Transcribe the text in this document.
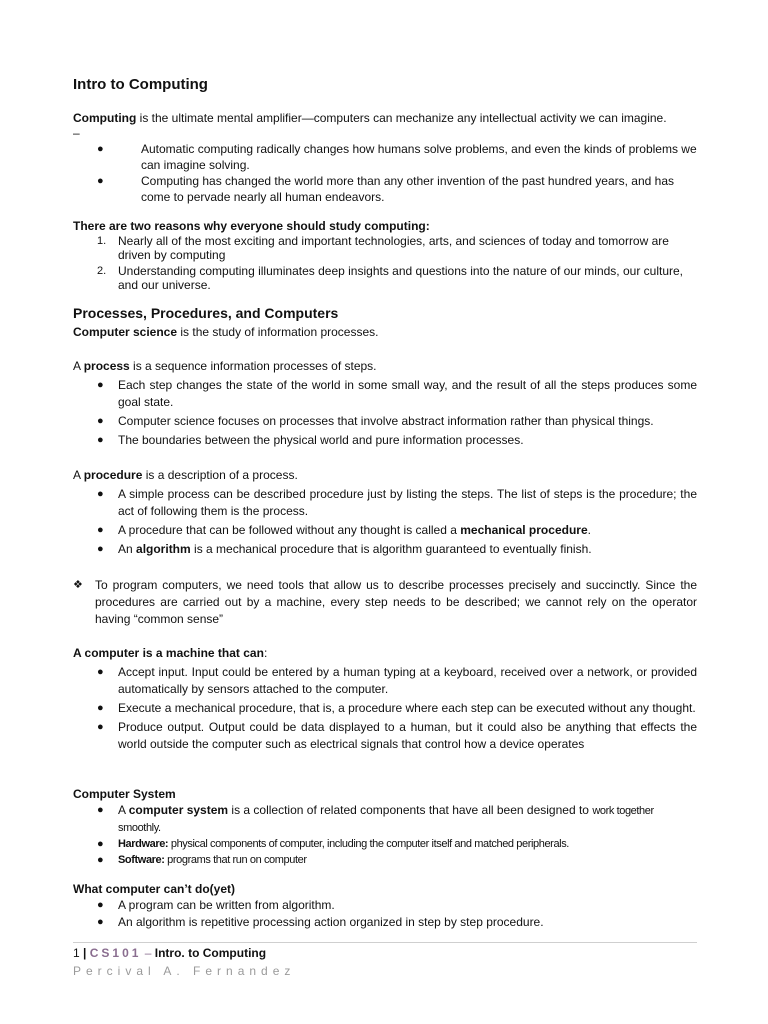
Intro to Computing
Computing is the ultimate mental amplifier—computers can mechanize any intellectual activity we can imagine.
–
●	Automatic computing radically changes how humans solve problems, and even the kinds of problems we can imagine solving.
●	Computing has changed the world more than any other invention of the past hundred years, and has come to pervade nearly all human endeavors.
There are two reasons why everyone should study computing:
1. Nearly all of the most exciting and important technologies, arts, and sciences of today and tomorrow are driven by computing
2. Understanding computing illuminates deep insights and questions into the nature of our minds, our culture, and our universe.
Processes, Procedures, and Computers
Computer science is the study of information processes.
A process is a sequence information processes of steps.
● Each step changes the state of the world in some small way, and the result of all the steps produces some goal state.
● Computer science focuses on processes that involve abstract information rather than physical things.
● The boundaries between the physical world and pure information processes.
A procedure is a description of a process.
● A simple process can be described procedure just by listing the steps. The list of steps is the procedure; the act of following them is the process.
● A procedure that can be followed without any thought is called a mechanical procedure.
● An algorithm is a mechanical procedure that is algorithm guaranteed to eventually finish.
❖ To program computers, we need tools that allow us to describe processes precisely and succinctly. Since the procedures are carried out by a machine, every step needs to be described; we cannot rely on the operator having “common sense”
A computer is a machine that can:
● Accept input. Input could be entered by a human typing at a keyboard, received over a network, or provided automatically by sensors attached to the computer.
● Execute a mechanical procedure, that is, a procedure where each step can be executed without any thought.
● Produce output. Output could be data displayed to a human, but it could also be anything that effects the world outside the computer such as electrical signals that control how a device operates
Computer System
● A computer system is a collection of related components that have all been designed to work together smoothly.
● Hardware: physical components of computer, including the computer itself and matched peripherals.
● Software: programs that run on computer
What computer can’t do(yet)
● A program can be written from algorithm.
● An algorithm is repetitive processing action organized in step by step procedure.
1 | CS101 – Intro. to Computing
Percival A. Fernandez
